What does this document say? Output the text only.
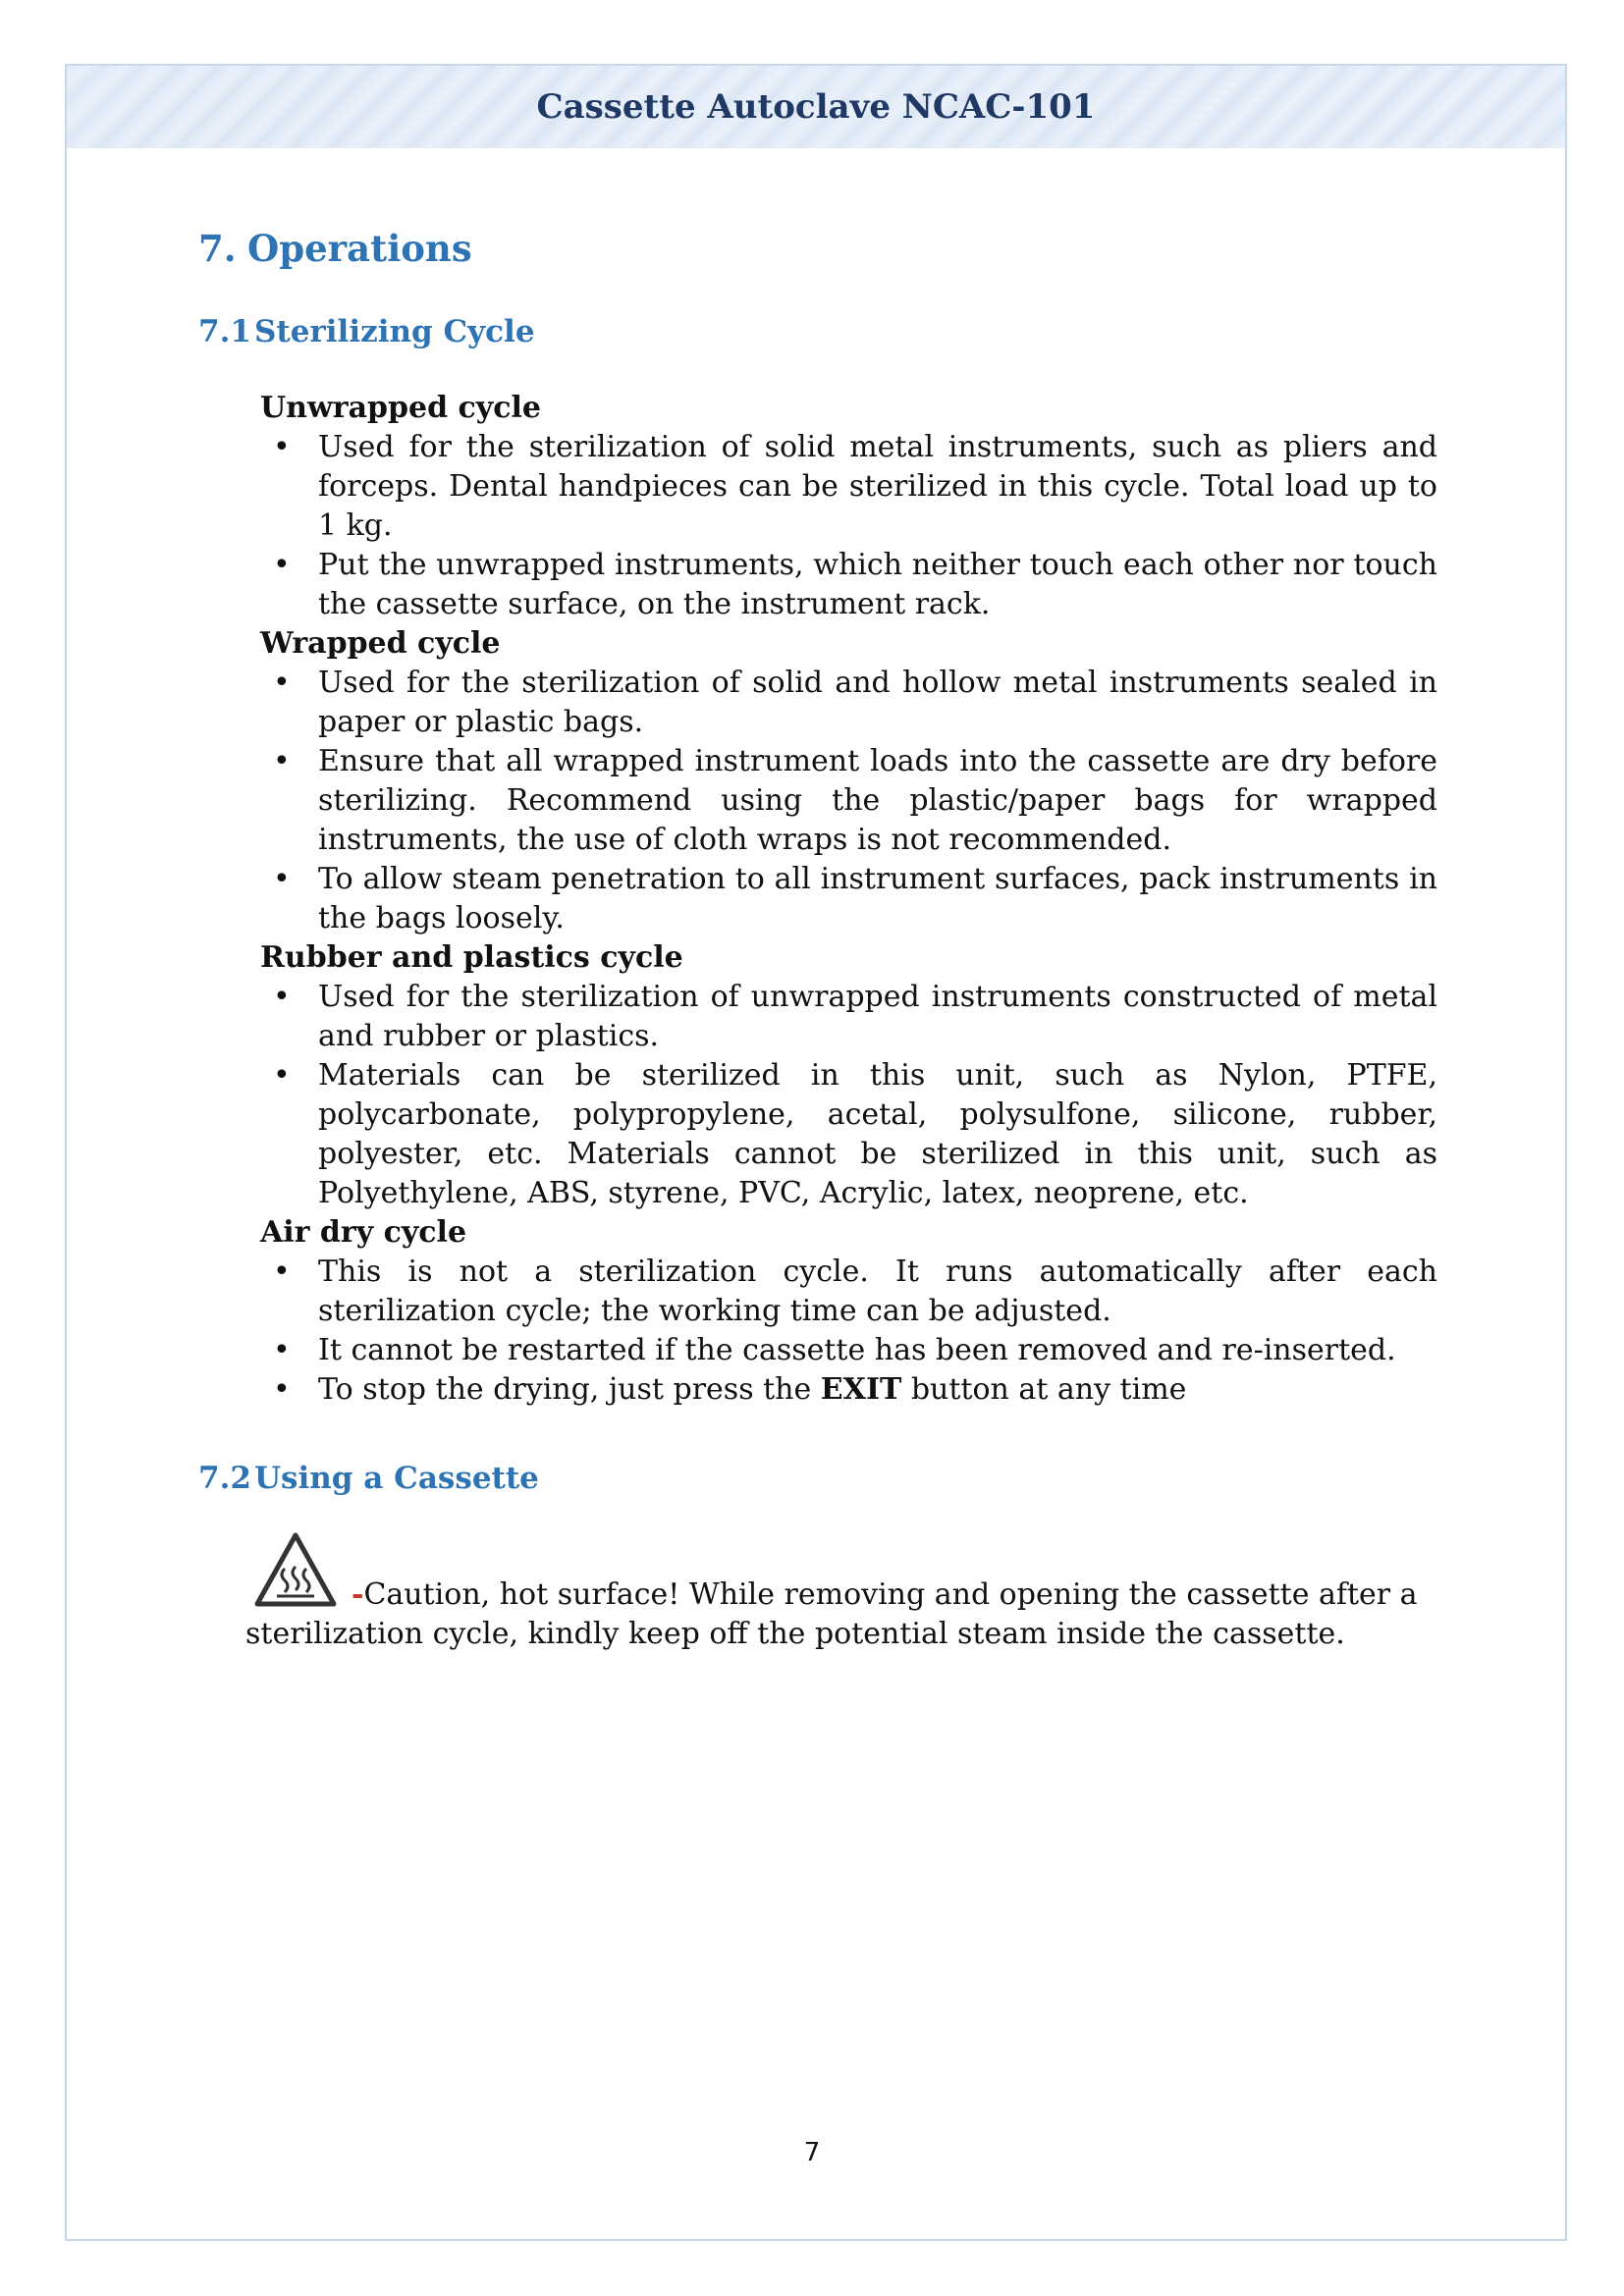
Cassette Autoclave NCAC-101
7. Operations
7.1Sterilizing Cycle
Unwrapped cycle
• Used for the sterilization of solid metal instruments, such as pliers and forceps. Dental handpieces can be sterilized in this cycle. Total load up to 1 kg.
• Put the unwrapped instruments, which neither touch each other nor touch the cassette surface, on the instrument rack.
Wrapped cycle
• Used for the sterilization of solid and hollow metal instruments sealed in paper or plastic bags.
• Ensure that all wrapped instrument loads into the cassette are dry before sterilizing. Recommend using the plastic/paper bags for wrapped instruments, the use of cloth wraps is not recommended.
• To allow steam penetration to all instrument surfaces, pack instruments in the bags loosely.
Rubber and plastics cycle
• Used for the sterilization of unwrapped instruments constructed of metal and rubber or plastics.
• Materials can be sterilized in this unit, such as Nylon, PTFE, polycarbonate, polypropylene, acetal, polysulfone, silicone, rubber, polyester, etc. Materials cannot be sterilized in this unit, such as Polyethylene, ABS, styrene, PVC, Acrylic, latex, neoprene, etc.
Air dry cycle
• This is not a sterilization cycle. It runs automatically after each sterilization cycle; the working time can be adjusted.
• It cannot be restarted if the cassette has been removed and re-inserted.
• To stop the drying, just press the EXIT button at any time
7.2Using a Cassette
-Caution, hot surface! While removing and opening the cassette after a
sterilization cycle, kindly keep off the potential steam inside the cassette.
7
